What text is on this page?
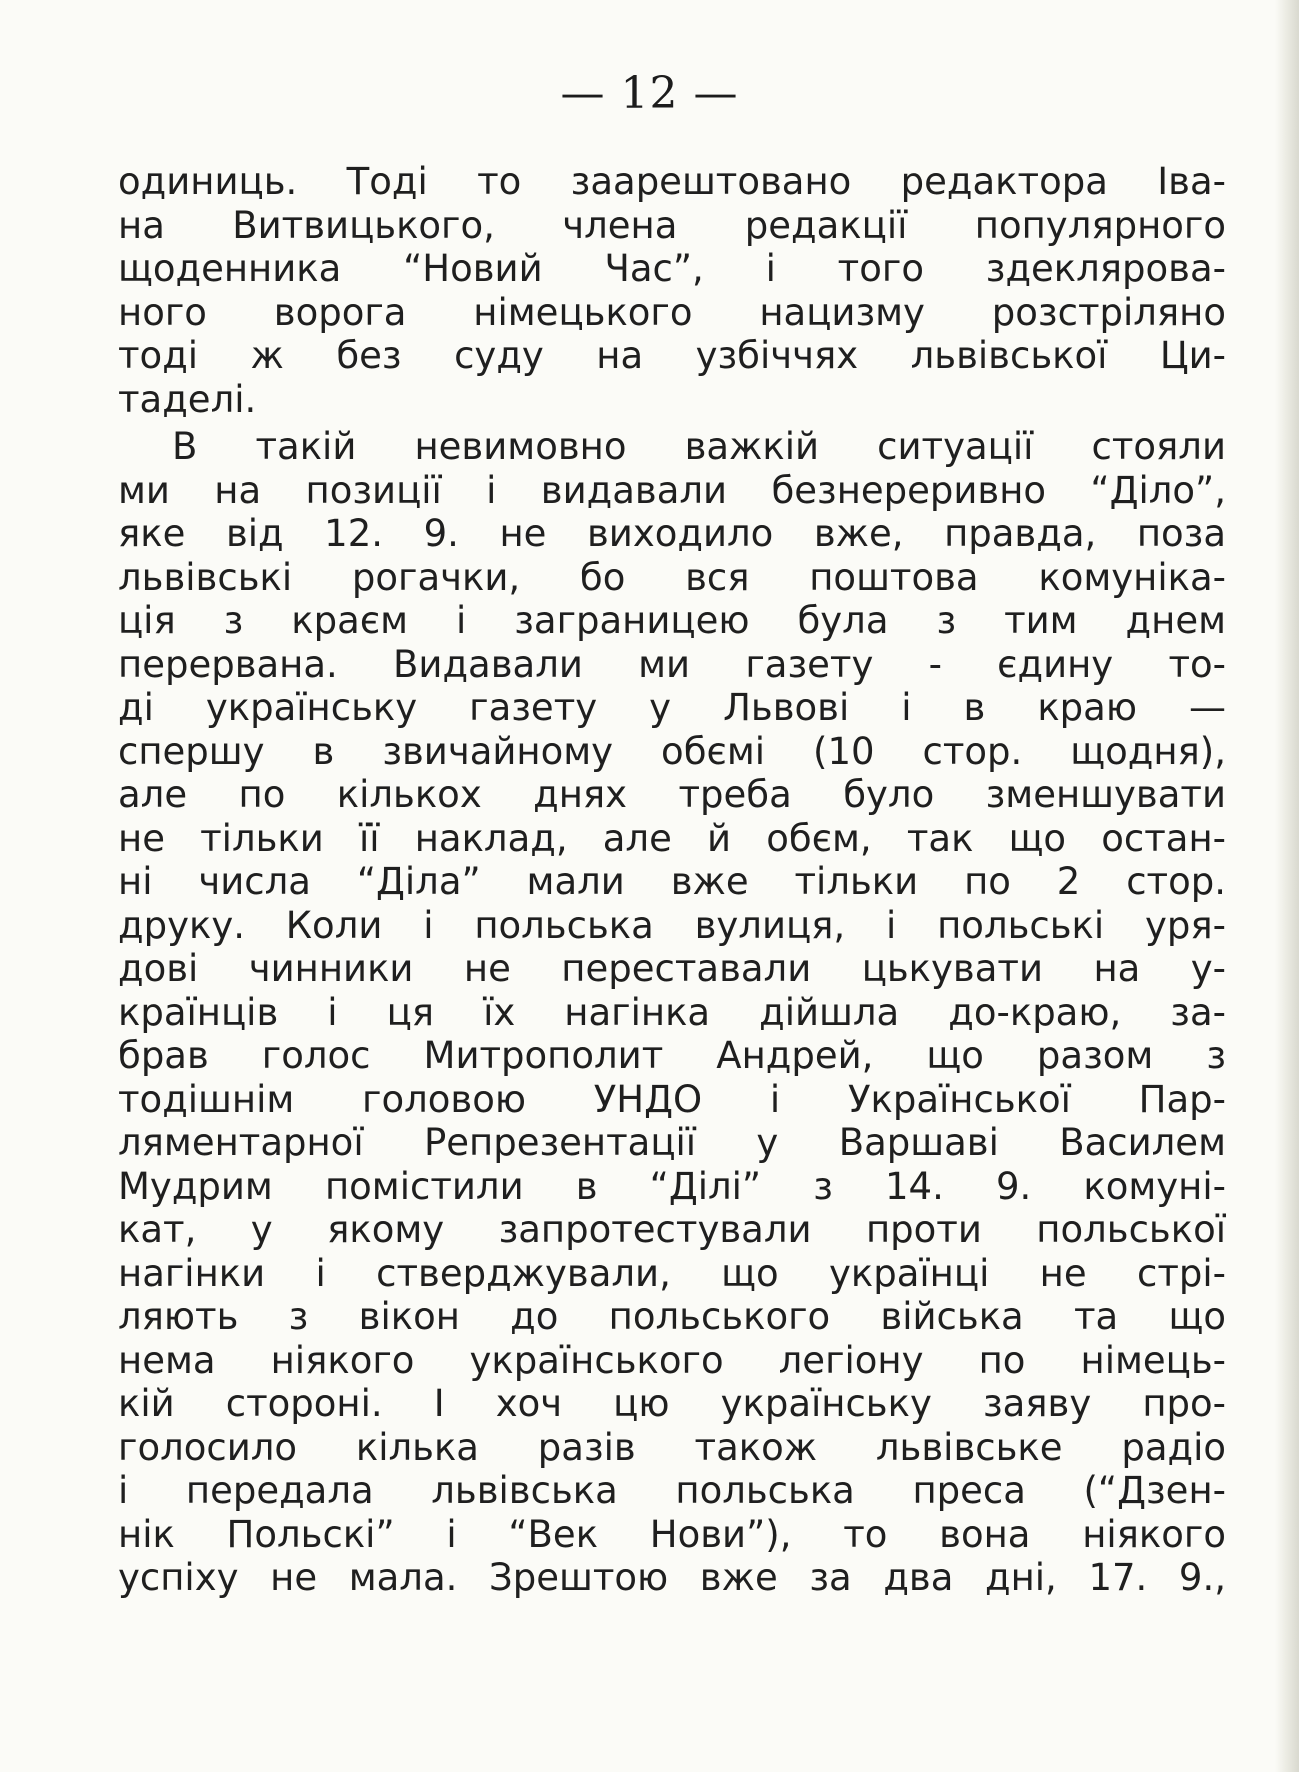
— 12 —
одиниць. Тоді то заарештовано редактора Іва-
на Витвицького, члена редакції популярного
щоденника “Новий Час”, і того здеклярова-
ного ворога німецького нацизму розстріляно
тоді ж без суду на узбіччях львівської Ци-
таделі.
В такій невимовно важкій ситуації стояли
ми на позиції і видавали безнереривно “Діло”,
яке від 12. 9. не виходило вже, правда, поза
львівські рогачки, бо вся поштова комуніка-
ція з краєм і заграницею була з тим днем
перервана. Видавали ми газету - єдину то-
ді українську газету у Львові і в краю —
спершу в звичайному обємі (10 стор. щодня),
але по кількох днях треба було зменшувати
не тільки її наклад, але й обєм, так що остан-
ні числа “Діла” мали вже тільки по 2 стор.
друку. Коли і польська вулиця, і польські уря-
дові чинники не переставали цькувати на у-
країнців і ця їх нагінка дійшла до-краю, за-
брав голос Митрополит Андрей, що разом з
тодішнім головою УНДО і Української Пар-
ляментарної Репрезентації у Варшаві Василем
Мудрим помістили в “Ділі” з 14. 9. комуні-
кат, у якому запротестували проти польської
нагінки і стверджували, що українці не стрі-
ляють з вікон до польського війська та що
нема ніякого українського легіону по німець-
кій стороні. І хоч цю українську заяву про-
голосило кілька разів також львівське радіо
і передала львівська польська преса (“Дзен-
нік Польскі” і “Век Нови”), то вона ніякого
успіху не мала. Зрештою вже за два дні, 17. 9.,
